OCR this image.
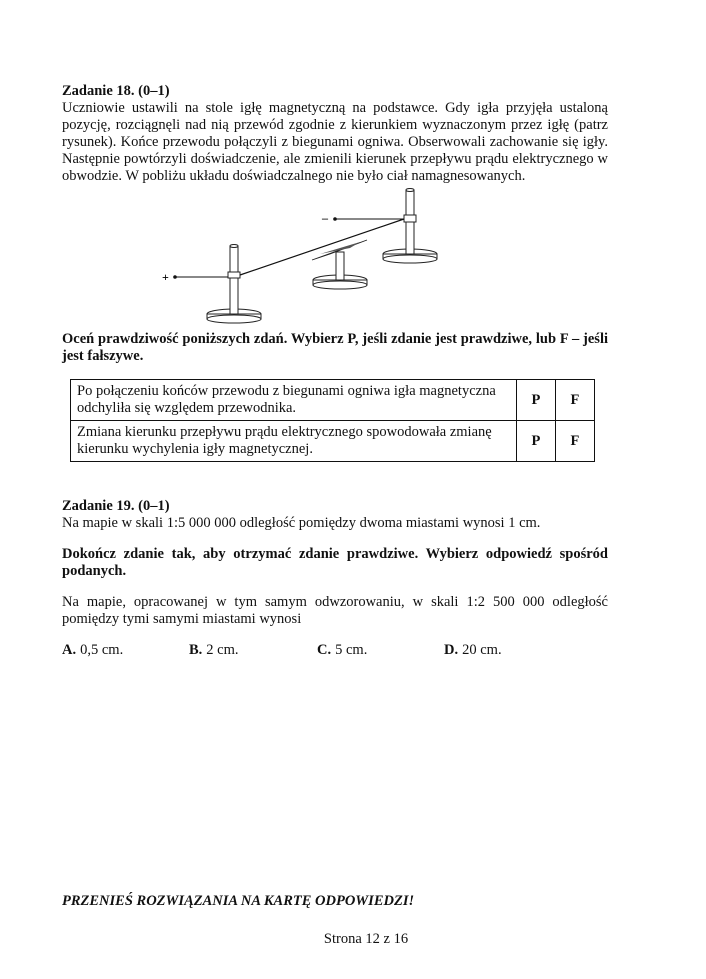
Zadanie 18. (0–1)

Uczniowie ustawili na stole igłę magnetyczną na podstawce. Gdy igła przyjęła ustaloną pozycję, rozciągnęli nad nią przewód zgodnie z kierunkiem wyznaczonym przez igłę (patrz rysunek). Końce przewodu połączyli z biegunami ogniwa. Obserwowali zachowanie się igły. Następnie powtórzyli doświadczenie, ale zmienili kierunek przepływu prądu elektrycznego w obwodzie. W pobliżu układu doświadczalnego nie było ciał namagnesowanych.

+
–
Oceń prawdziwość poniższych zdań. Wybierz P, jeśli zdanie jest prawdziwe, lub F – jeśli jest fałszywe.
Po połączeniu końców przewodu z biegunami ogniwa igła magnetyczna odchyliła się względem przewodnika.	P	F
Zmiana kierunku przepływu prądu elektrycznego spowodowała zmianę kierunku wychylenia igły magnetycznej.	P	F
Zadanie 19. (0–1)

Na mapie w skali 1:5 000 000 odległość pomiędzy dwoma miastami wynosi 1 cm.

Dokończ zdanie tak, aby otrzymać zdanie prawdziwe. Wybierz odpowiedź spośród podanych.

Na mapie, opracowanej w tym samym odwzorowaniu, w skali 1:2 500 000 odległość pomiędzy tymi samymi miastami wynosi

A. 0,5 cm.	B. 2 cm.	C. 5 cm.	D. 20 cm.
PRZENIEŚ ROZWIĄZANIA NA KARTĘ ODPOWIEDZI!
Strona 12 z 16
